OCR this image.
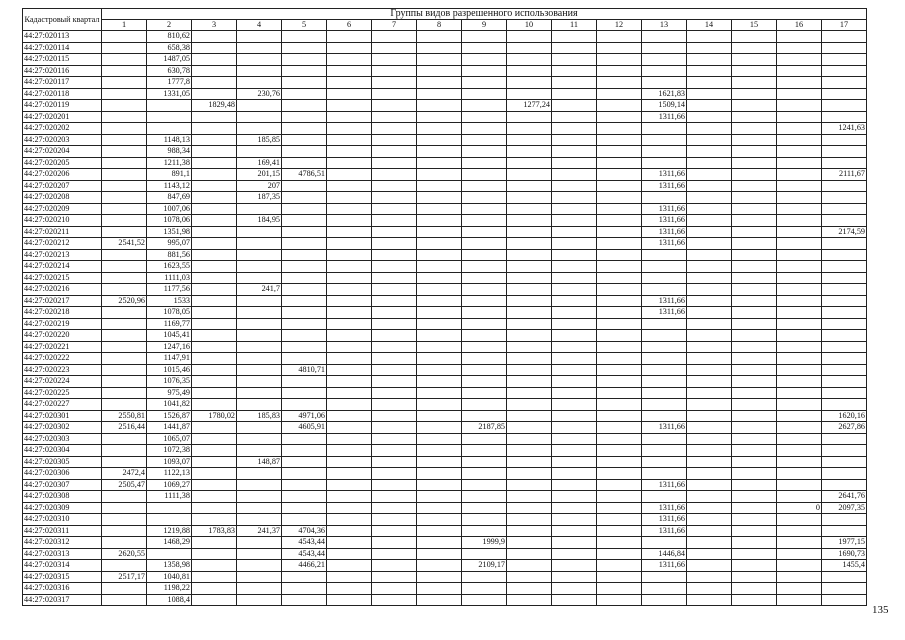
Кадастровый квартал	Группы видов разрешенного использования																
	1	2	3	4	5	6	7	8	9	10	11	12	13	14	15	16	17
44:27:020113		810,62															
44:27:020114		658,38															
44:27:020115		1487,05															
44:27:020116		630,78															
44:27:020117		1777,8															
44:27:020118		1331,05		230,76									1621,83				
44:27:020119			1829,48							1277,24			1509,14				
44:27:020201													1311,66				
44:27:020202																	1241,63
44:27:020203		1148,13		185,85													
44:27:020204		988,34															
44:27:020205		1211,38		169,41													
44:27:020206		891,1		201,15	4786,51								1311,66				2111,67
44:27:020207		1143,12		207									1311,66				
44:27:020208		847,69		187,35													
44:27:020209		1007,06											1311,66				
44:27:020210		1078,06		184,95									1311,66				
44:27:020211		1351,98											1311,66				2174,59
44:27:020212	2541,52	995,07											1311,66				
44:27:020213		881,56															
44:27:020214		1623,55															
44:27:020215		1111,03															
44:27:020216		1177,56		241,7													
44:27:020217	2520,96	1533											1311,66				
44:27:020218		1078,05											1311,66				
44:27:020219		1169,77															
44:27:020220		1045,41															
44:27:020221		1247,16															
44:27:020222		1147,91															
44:27:020223		1015,46			4810,71												
44:27:020224		1076,35															
44:27:020225		975,49															
44:27:020227		1041,82															
44:27:020301	2550,81	1526,87	1780,02	185,83	4971,06												1620,16
44:27:020302	2516,44	1441,87			4605,91				2187,85				1311,66				2627,86
44:27:020303		1065,07															
44:27:020304		1072,38															
44:27:020305		1093,07		148,87													
44:27:020306	2472,4	1122,13															
44:27:020307	2505,47	1069,27											1311,66				
44:27:020308		1111,38															2641,76
44:27:020309													1311,66			0	2097,35
44:27:020310													1311,66				
44:27:020311		1219,88	1783,83	241,37	4704,36								1311,66				
44:27:020312		1468,29			4543,44				1999,9								1977,15
44:27:020313	2620,55				4543,44								1446,84				1690,73
44:27:020314		1358,98			4466,21				2109,17				1311,66				1455,4
44:27:020315	2517,17	1040,81															
44:27:020316		1198,22															
44:27:020317		1088,4															
135
